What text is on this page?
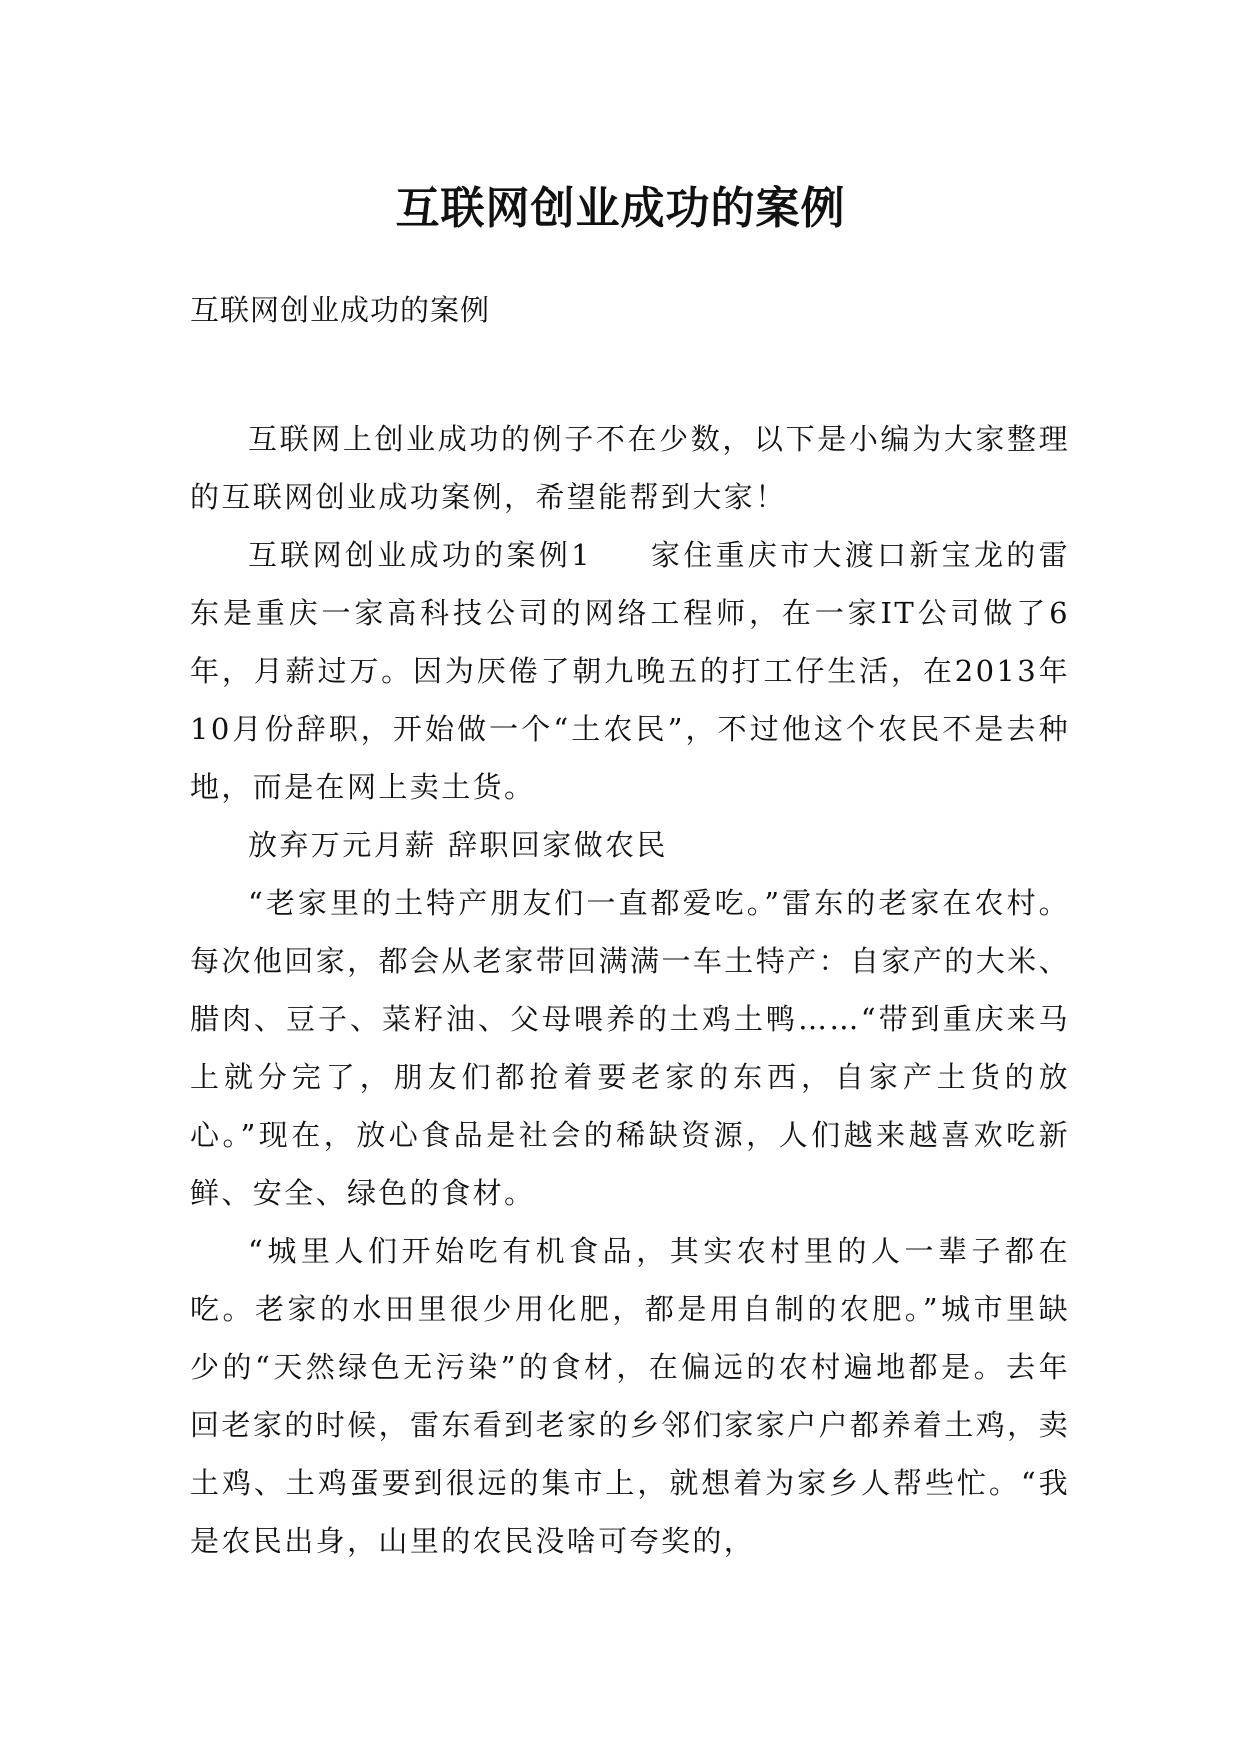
互联网创业成功的案例
互联网创业成功的案例

互联网上创业成功的例子不在少数，以下是小编为大家整理的互联网创业成功案例，希望能帮到大家！

互联网创业成功的案例1 家住重庆市大渡口新宝龙的雷东是重庆一家高科技公司的网络工程师，在一家IT公司做了6年，月薪过万。因为厌倦了朝九晚五的打工仔生活，在2013年10月份辞职，开始做一个“土农民”，不过他这个农民不是去种地，而是在网上卖土货。

放弃万元月薪 辞职回家做农民

“老家里的土特产朋友们一直都爱吃。”雷东的老家在农村。每次他回家，都会从老家带回满满一车土特产：自家产的大米、腊肉、豆子、菜籽油、父母喂养的土鸡土鸭……“带到重庆来马上就分完了，朋友们都抢着要老家的东西，自家产土货的放心。”现在，放心食品是社会的稀缺资源，人们越来越喜欢吃新鲜、安全、绿色的食材。

“城里人们开始吃有机食品，其实农村里的人一辈子都在吃。老家的水田里很少用化肥，都是用自制的农肥。”城市里缺少的“天然绿色无污染”的食材，在偏远的农村遍地都是。去年回老家的时候，雷东看到老家的乡邻们家家户户都养着土鸡，卖土鸡、土鸡蛋要到很远的集市上，就想着为家乡人帮些忙。“我是农民出身，山里的农民没啥可夸奖的，
